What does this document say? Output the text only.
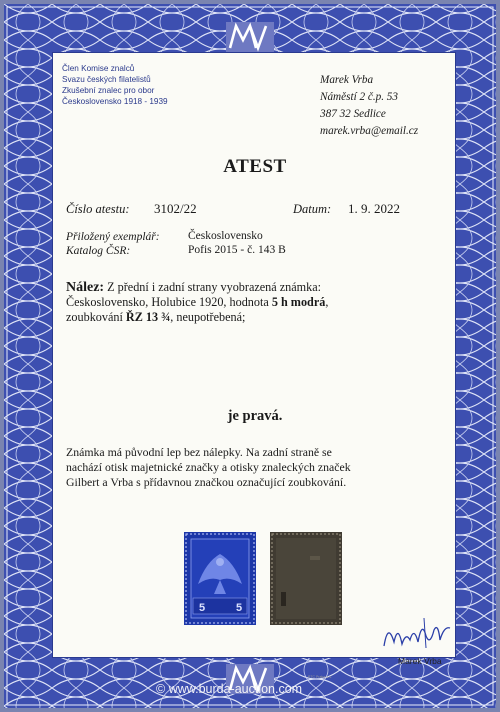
Člen Komise znalců
Svazu českých filatelistů
Zkušební znalec pro obor
Československo 1918 - 1939
Marek Vrba
Náměstí 2 č.p. 53
387 32 Sedlice
marek.vrba@email.cz
ATEST
Číslo atestu: 3102/22	Datum: 1. 9. 2022
Přiložený exemplář: Československo
Katalog ČSR:	Pofis 2015 - č. 143 B
Nález: Z přední i zadní strany vyobrazená známka:
Československo, Holubice 1920, hodnota 5 h modrá,
zoubkování ŘZ 13 ¾, neupotřebená;
je pravá.
Známka má původní lep bez nálepky. Na zadní straně se
nachází otisk majetnické značky a otisky znaleckých značek
Gilbert a Vrba s přídavnou značkou označující zoubkování.
5	5
Marek Vrba
PTC Praha a.s.
© www.burda-auction.com
